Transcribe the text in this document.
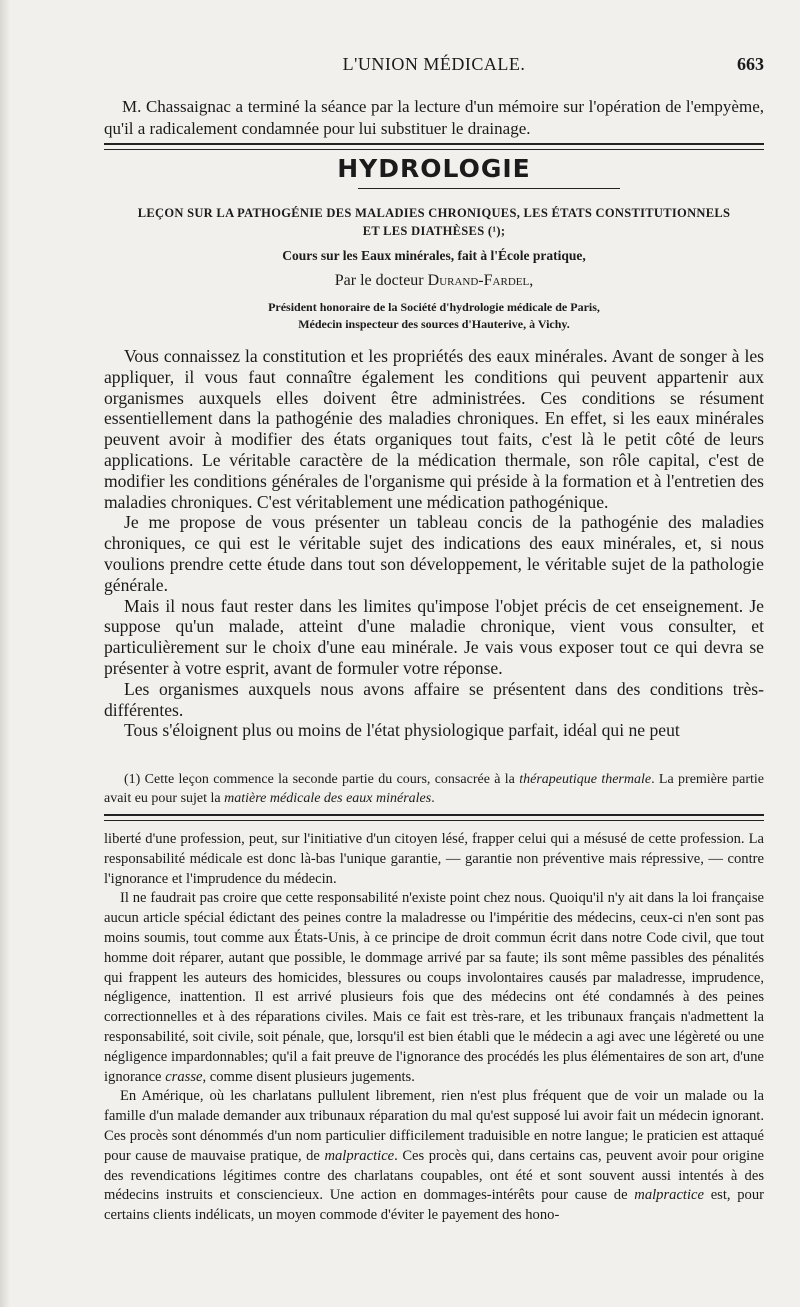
L'UNION MÉDICALE.	663
M. Chassaignac a terminé la séance par la lecture d'un mémoire sur l'opération de l'empyème, qu'il a radicalement condamnée pour lui substituer le drainage.
HYDROLOGIE
LEÇON SUR LA PATHOGÉNIE DES MALADIES CHRONIQUES, LES ÉTATS CONSTITUTIONNELS
ET LES DIATHÈSES (¹);
Cours sur les Eaux minérales, fait à l'École pratique,
Par le docteur Durand-Fardel,
Président honoraire de la Société d'hydrologie médicale de Paris,
Médecin inspecteur des sources d'Hauterive, à Vichy.

Vous connaissez la constitution et les propriétés des eaux minérales. Avant de songer à les appliquer, il vous faut connaître également les conditions qui peuvent appartenir aux organismes auxquels elles doivent être administrées. Ces conditions se résument essentiellement dans la pathogénie des maladies chroniques. En effet, si les eaux minérales peuvent avoir à modifier des états organiques tout faits, c'est là le petit côté de leurs applications. Le véritable caractère de la médication thermale, son rôle capital, c'est de modifier les conditions générales de l'organisme qui préside à la formation et à l'entretien des maladies chroniques. C'est véritablement une médication pathogénique.

Je me propose de vous présenter un tableau concis de la pathogénie des maladies chroniques, ce qui est le véritable sujet des indications des eaux minérales, et, si nous voulions prendre cette étude dans tout son développement, le véritable sujet de la pathologie générale.

Mais il nous faut rester dans les limites qu'impose l'objet précis de cet enseignement. Je suppose qu'un malade, atteint d'une maladie chronique, vient vous consulter, et particulièrement sur le choix d'une eau minérale. Je vais vous exposer tout ce qui devra se présenter à votre esprit, avant de formuler votre réponse.

Les organismes auxquels nous avons affaire se présentent dans des conditions très-différentes.

Tous s'éloignent plus ou moins de l'état physiologique parfait, idéal qui ne peut

(1) Cette leçon commence la seconde partie du cours, consacrée à la thérapeutique thermale. La première partie avait eu pour sujet la matière médicale des eaux minérales.

liberté d'une profession, peut, sur l'initiative d'un citoyen lésé, frapper celui qui a mésusé de cette profession. La responsabilité médicale est donc là-bas l'unique garantie, — garantie non préventive mais répressive, — contre l'ignorance et l'imprudence du médecin.

Il ne faudrait pas croire que cette responsabilité n'existe point chez nous. Quoiqu'il n'y ait dans la loi française aucun article spécial édictant des peines contre la maladresse ou l'impéritie des médecins, ceux-ci n'en sont pas moins soumis, tout comme aux États-Unis, à ce principe de droit commun écrit dans notre Code civil, que tout homme doit réparer, autant que possible, le dommage arrivé par sa faute; ils sont même passibles des pénalités qui frappent les auteurs des homicides, blessures ou coups involontaires causés par maladresse, imprudence, négligence, inattention. Il est arrivé plusieurs fois que des médecins ont été condamnés à des peines correctionnelles et à des réparations civiles. Mais ce fait est très-rare, et les tribunaux français n'admettent la responsabilité, soit civile, soit pénale, que, lorsqu'il est bien établi que le médecin a agi avec une légèreté ou une négligence impardonnables; qu'il a fait preuve de l'ignorance des procédés les plus élémentaires de son art, d'une ignorance crasse, comme disent plusieurs jugements.

En Amérique, où les charlatans pullulent librement, rien n'est plus fréquent que de voir un malade ou la famille d'un malade demander aux tribunaux réparation du mal qu'est supposé lui avoir fait un médecin ignorant. Ces procès sont dénommés d'un nom particulier difficilement traduisible en notre langue; le praticien est attaqué pour cause de mauvaise pratique, de malpractice. Ces procès qui, dans certains cas, peuvent avoir pour origine des revendications légitimes contre des charlatans coupables, ont été et sont souvent aussi intentés à des médecins instruits et consciencieux. Une action en dommages-intérêts pour cause de malpractice est, pour certains clients indélicats, un moyen commode d'éviter le payement des hono-
